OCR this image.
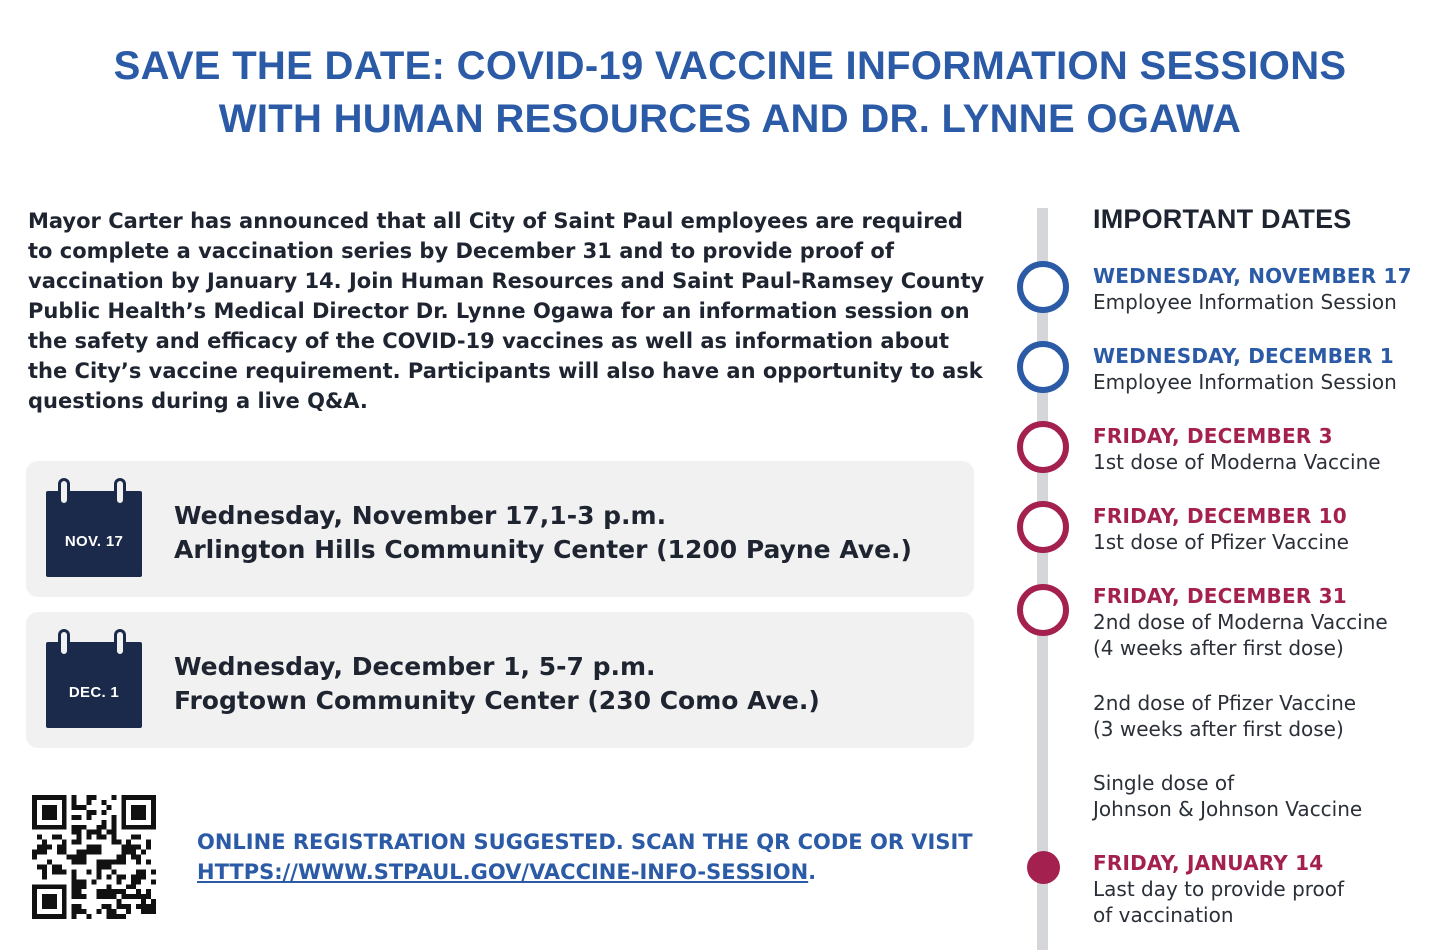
SAVE THE DATE: COVID-19 VACCINE INFORMATION SESSIONS
WITH HUMAN RESOURCES AND DR. LYNNE OGAWA

Mayor Carter has announced that all City of Saint Paul employees are required to complete a vaccination series by December 31 and to provide proof of vaccination by January 14. Join Human Resources and Saint Paul-Ramsey County Public Health’s Medical Director Dr. Lynne Ogawa for an information session on the safety and efficacy of the COVID-19 vaccines as well as information about the City’s vaccine requirement. Participants will also have an opportunity to ask questions during a live Q&A.

NOV. 17
Wednesday, November 17,1-3 p.m.
Arlington Hills Community Center (1200 Payne Ave.)
DEC. 1
Wednesday, December 1, 5-7 p.m.
Frogtown Community Center (230 Como Ave.)

ONLINE REGISTRATION SUGGESTED. SCAN THE QR CODE OR VISIT HTTPS://WWW.STPAUL.GOV/VACCINE-INFO-SESSION.

IMPORTANT DATES
WEDNESDAY, NOVEMBER 17
Employee Information Session
WEDNESDAY, DECEMBER 1
Employee Information Session
FRIDAY, DECEMBER 3
1st dose of Moderna Vaccine
FRIDAY, DECEMBER 10
1st dose of Pfizer Vaccine
FRIDAY, DECEMBER 31
2nd dose of Moderna Vaccine
(4 weeks after first dose)
2nd dose of Pfizer Vaccine
(3 weeks after first dose)
Single dose of
Johnson & Johnson Vaccine
FRIDAY, JANUARY 14
Last day to provide proof
of vaccination
